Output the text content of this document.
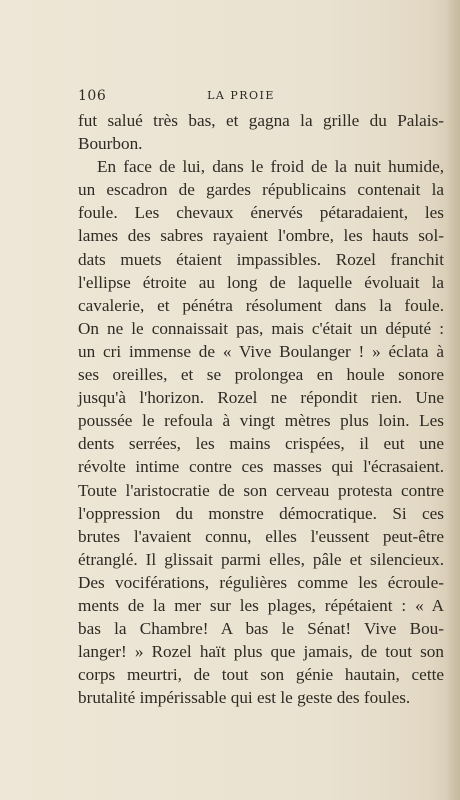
106	LA PROIE
fut salué très bas, et gagna la grille du Palais-
Bourbon.
En face de lui, dans le froid de la nuit humide,
un escadron de gardes républicains contenait la
foule. Les chevaux énervés pétaradaient, les
lames des sabres rayaient l'ombre, les hauts sol-
dats muets étaient impassibles. Rozel franchit
l'ellipse étroite au long de laquelle évoluait la
cavalerie, et pénétra résolument dans la foule.
On ne le connaissait pas, mais c'était un député :
un cri immense de « Vive Boulanger ! » éclata à
ses oreilles, et se prolongea en houle sonore
jusqu'à l'horizon. Rozel ne répondit rien. Une
poussée le refoula à vingt mètres plus loin. Les
dents serrées, les mains crispées, il eut une
révolte intime contre ces masses qui l'écrasaient.
Toute l'aristocratie de son cerveau protesta contre
l'oppression du monstre démocratique. Si ces
brutes l'avaient connu, elles l'eussent peut-être
étranglé. Il glissait parmi elles, pâle et silencieux.
Des vociférations, régulières comme les écroule-
ments de la mer sur les plages, répétaient : « A
bas la Chambre! A bas le Sénat! Vive Bou-
langer! » Rozel haït plus que jamais, de tout son
corps meurtri, de tout son génie hautain, cette
brutalité impérissable qui est le geste des foules.
